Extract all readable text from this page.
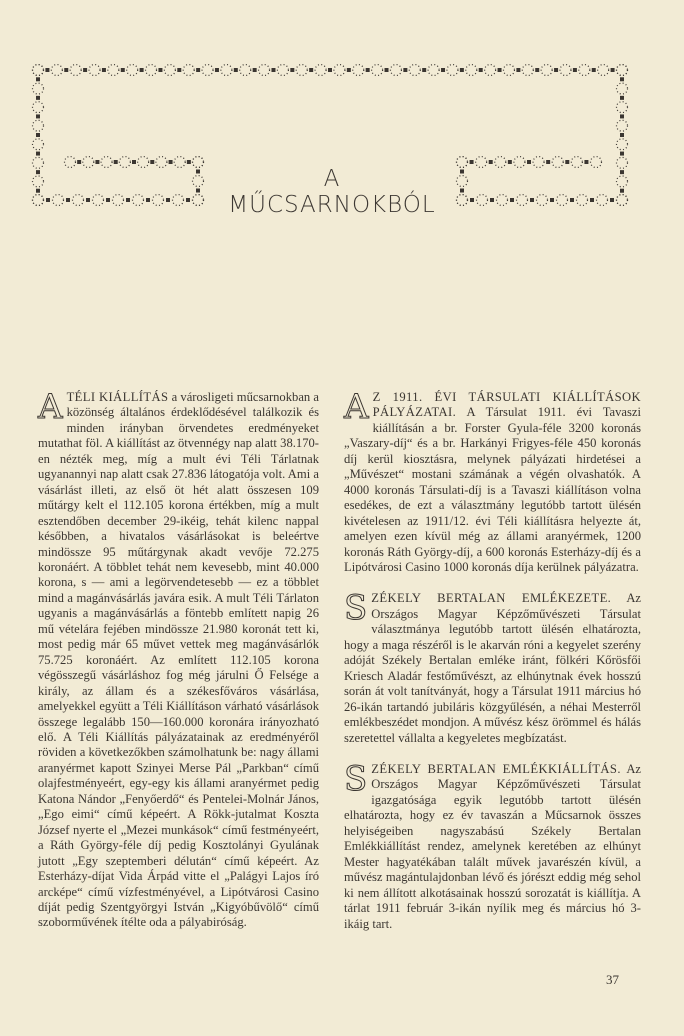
A MŰCSARNOKBÓL

ATÉLI KIÁLLÍTÁS a városligeti műcsarnokban a közönség általános érdeklődésével találkozik és minden irányban örvendetes eredményeket mutathat föl. A kiállítást az ötvennégy nap alatt 38.170-en nézték meg, míg a mult évi Téli Tárlatnak ugyanannyi nap alatt csak 27.836 látogatója volt. Ami a vásárlást illeti, az első öt hét alatt összesen 109 műtárgy kelt el 112.105 korona értékben, míg a mult esztendőben december 29-ikéig, tehát kilenc nappal későbben, a hivatalos vásárlásokat is beleértve mindössze 95 műtárgynak akadt vevője 72.275 koronáért. A többlet tehát nem kevesebb, mint 40.000 korona, s — ami a legörvendetesebb — ez a többlet mind a magánvásárlás javára esik. A mult Téli Tárlaton ugyanis a magánvásárlás a föntebb említett napig 26 mű vételára fejében mindössze 21.980 koronát tett ki, most pedig már 65 művet vettek meg magánvásárlók 75.725 koronáért. Az említett 112.105 korona végösszegű vásárláshoz fog még járulni Ő Felsége a király, az állam és a székesfőváros vásárlása, amelyekkel együtt a Téli Kiállításon várható vásárlások összege legalább 150—160.000 koronára irányozható elő. A Téli Kiállítás pályázatainak az eredményéről röviden a következőkben számolhatunk be: nagy állami aranyérmet kapott Szinyei Merse Pál „Parkban“ című olajfestményeért, egy-egy kis állami aranyérmet pedig Katona Nándor „Fenyőerdő“ és Pentelei-Molnár János, „Ego eimi“ című képeért. A Rökk-jutalmat Koszta József nyerte el „Mezei munkások“ című festményeért, a Ráth György-féle díj pedig Kosztolányi Gyulának jutott „Egy szeptemberi délután“ című képeért. Az Esterházy-díjat Vida Árpád vitte el „Palágyi Lajos író arcképe“ című vízfestményével, a Lipótvárosi Casino díját pedig Szentgyörgyi István „Kigyóbűvölő“ című szoborművének ítélte oda a pályabiróság.

A Z 1911. ÉVI TÁRSULATI KIÁLLÍTÁSOK PÁLYÁZATAI. A Társulat 1911. évi Tavaszi kiállításán a br. Forster Gyula-féle 3200 koronás „Vaszary-díj“ és a br. Harkányi Frigyes-féle 450 koronás díj kerül kiosztásra, melynek pályázati hirdetései a „Művészet“ mostani számának a végén olvashatók. A 4000 koronás Társulati-díj is a Tavaszi kiállításon volna esedékes, de ezt a választmány legutóbb tartott ülésén kivételesen az 1911/12. évi Téli kiállításra helyezte át, amelyen ezen kívül még az állami aranyérmek, 1200 koronás Ráth György-díj, a 600 koronás Esterházy-díj és a Lipótvárosi Casino 1000 koronás díja kerülnek pályázatra.

SZÉKELY BERTALAN EMLÉKEZETE. Az Országos Magyar Képzőművészeti Társulat választmánya legutóbb tartott ülésén elhatározta, hogy a maga részéről is le akarván róni a kegyelet szerény adóját Székely Bertalan emléke iránt, fölkéri Kőrösfői Kriesch Aladár festőművészt, az elhúnytnak évek hosszú során át volt tanítványát, hogy a Társulat 1911 március hó 26-ikán tartandó jubiláris közgyűlésén, a néhai Mesterről emlékbeszédet mondjon. A művész kész örömmel és hálás szeretettel vállalta a kegyeletes megbízatást.

SZÉKELY BERTALAN EMLÉKKIÁLLÍTÁS. Az Országos Magyar Képzőművészeti Társulat igazgatósága egyik legutóbb tartott ülésén elhatározta, hogy ez év tavaszán a Műcsarnok összes helyiségeiben nagyszabású Székely Bertalan Emlékkiállítást rendez, amelynek keretében az elhúnyt Mester hagyatékában talált művek javarészén kívül, a művész magántulajdonban lévő és jórészt eddig még sehol ki nem állított alkotásainak hosszú sorozatát is kiállítja. A tárlat 1911 február 3-ikán nyílik meg és március hó 3-ikáig tart.

37
